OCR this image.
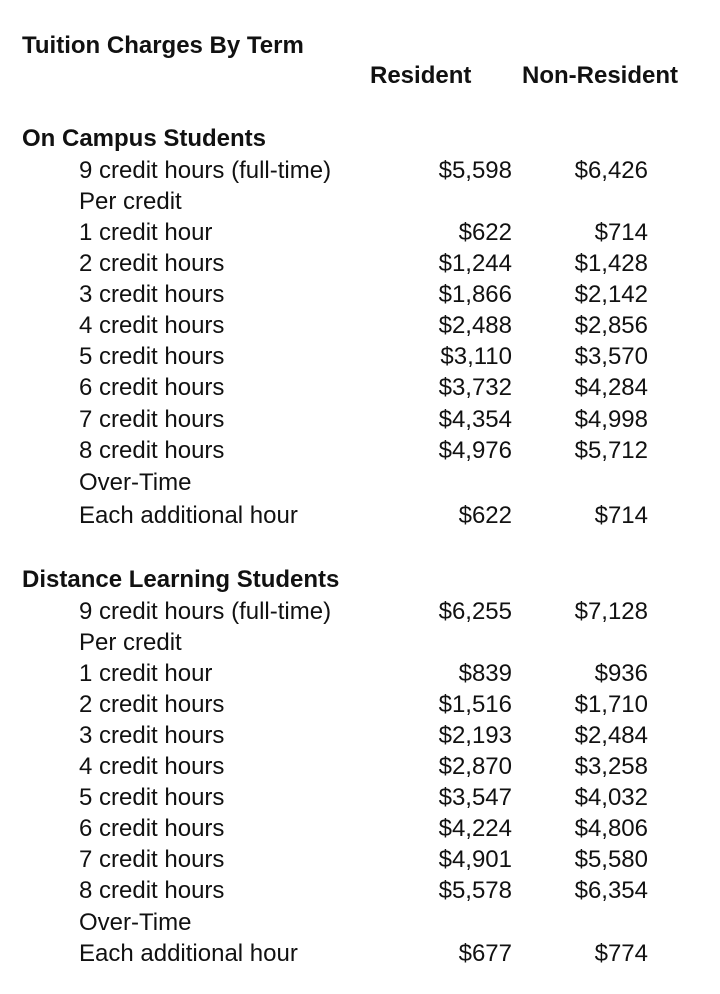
Tuition Charges By Term
Resident Non-Resident
On Campus Students
9 credit hours (full-time)	$5,598	$6,426
Per credit
1 credit hour	$622	$714
2 credit hours	$1,244	$1,428
3 credit hours	$1,866	$2,142
4 credit hours	$2,488	$2,856
5 credit hours	$3,110	$3,570
6 credit hours	$3,732	$4,284
7 credit hours	$4,354	$4,998
8 credit hours	$4,976	$5,712
Over-Time
Each additional hour	$622	$714
Distance Learning Students
9 credit hours (full-time)	$6,255	$7,128
Per credit
1 credit hour	$839	$936
2 credit hours	$1,516	$1,710
3 credit hours	$2,193	$2,484
4 credit hours	$2,870	$3,258
5 credit hours	$3,547	$4,032
6 credit hours	$4,224	$4,806
7 credit hours	$4,901	$5,580
8 credit hours	$5,578	$6,354
Over-Time
Each additional hour	$677	$774
